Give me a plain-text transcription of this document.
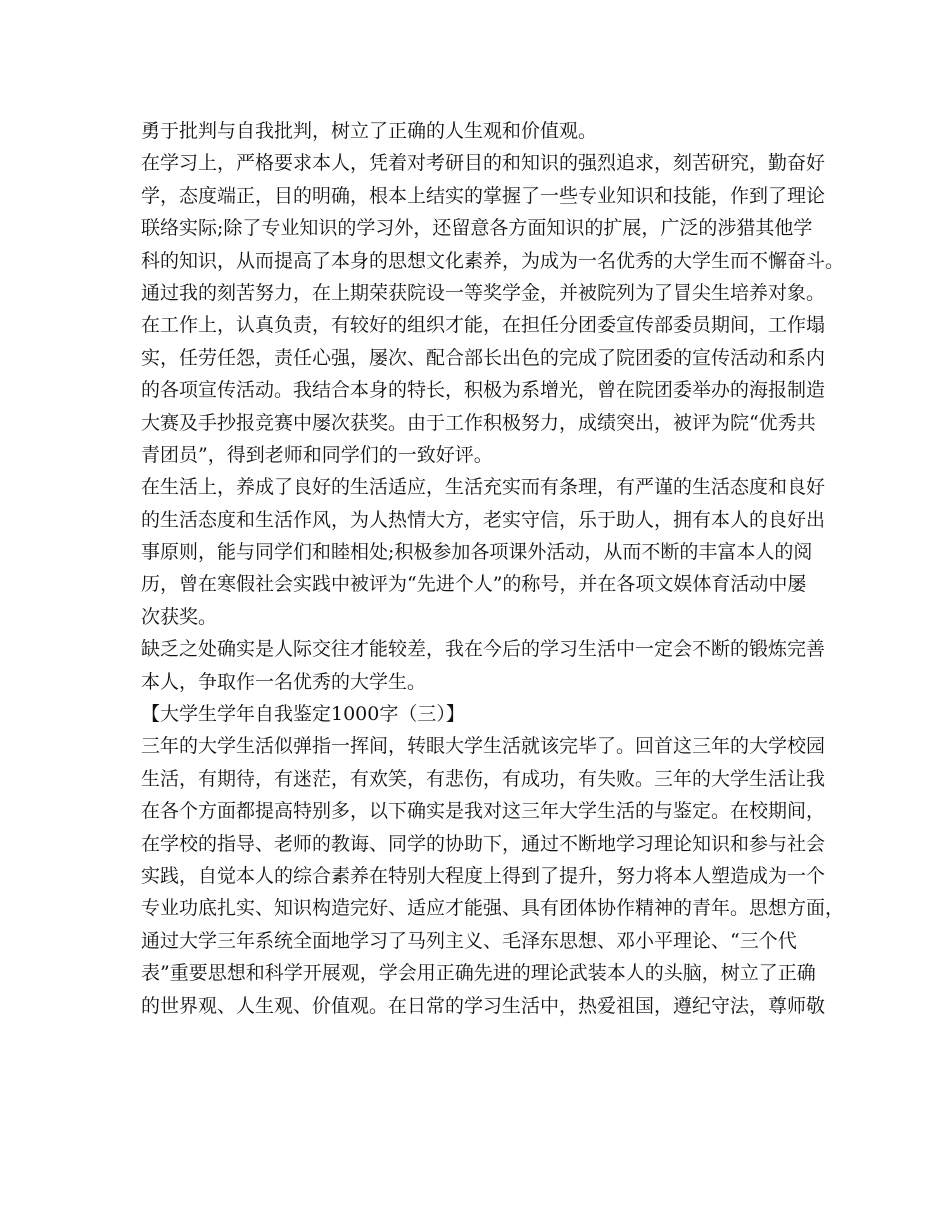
勇于批判与自我批判，树立了正确的人生观和价值观。
在学习上，严格要求本人，凭着对考研目的和知识的强烈追求，刻苦研究，勤奋好
学，态度端正，目的明确，根本上结实的掌握了一些专业知识和技能，作到了理论
联络实际;除了专业知识的学习外，还留意各方面知识的扩展，广泛的涉猎其他学
科的知识，从而提高了本身的思想文化素养，为成为一名优秀的大学生而不懈奋斗。
通过我的刻苦努力，在上期荣获院设一等奖学金，并被院列为了冒尖生培养对象。
在工作上，认真负责，有较好的组织才能，在担任分团委宣传部委员期间，工作塌
实，任劳任怨，责任心强，屡次、配合部长出色的完成了院团委的宣传活动和系内
的各项宣传活动。我结合本身的特长，积极为系增光，曾在院团委举办的海报制造
大赛及手抄报竞赛中屡次获奖。由于工作积极努力，成绩突出，被评为院“优秀共
青团员”，得到老师和同学们的一致好评。
在生活上，养成了良好的生活适应，生活充实而有条理，有严谨的生活态度和良好
的生活态度和生活作风，为人热情大方，老实守信，乐于助人，拥有本人的良好出
事原则，能与同学们和睦相处;积极参加各项课外活动，从而不断的丰富本人的阅
历，曾在寒假社会实践中被评为“先进个人”的称号，并在各项文娱体育活动中屡
次获奖。
缺乏之处确实是人际交往才能较差，我在今后的学习生活中一定会不断的锻炼完善
本人，争取作一名优秀的大学生。
【大学生学年自我鉴定1000字（三）】
三年的大学生活似弹指一挥间，转眼大学生活就该完毕了。回首这三年的大学校园
生活，有期待，有迷茫，有欢笑，有悲伤，有成功，有失败。三年的大学生活让我
在各个方面都提高特别多，以下确实是我对这三年大学生活的与鉴定。在校期间，
在学校的指导、老师的教诲、同学的协助下，通过不断地学习理论知识和参与社会
实践，自觉本人的综合素养在特别大程度上得到了提升，努力将本人塑造成为一个
专业功底扎实、知识构造完好、适应才能强、具有团体协作精神的青年。思想方面，
通过大学三年系统全面地学习了马列主义、毛泽东思想、邓小平理论、“三个代
表”重要思想和科学开展观，学会用正确先进的理论武装本人的头脑，树立了正确
的世界观、人生观、价值观。在日常的学习生活中，热爱祖国，遵纪守法，尊师敬
